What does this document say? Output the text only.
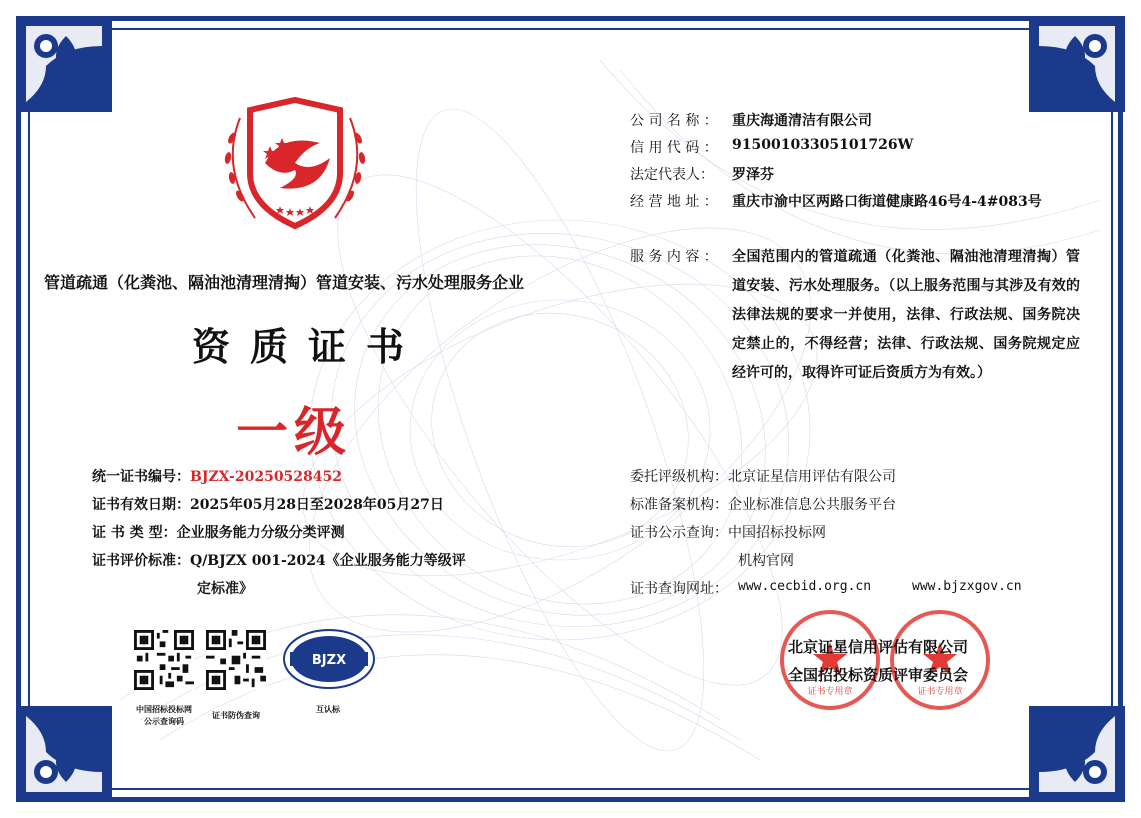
管道疏通（化粪池、隔油池清理清掏）管道安装、污水处理服务企业
资质证书
一级
统一证书编号：BJZX-20250528452
证书有效日期：2025年05月28日至2028年05月27日
证 书 类 型：企业服务能力分级分类评测
证书评价标准：Q/BJZX 001-2024《企业服务能力等级评
定标准》
公 司 名 称 ： 重庆海通清洁有限公司
信 用 代 码 ： 91500103305101726W
法定代表人： 罗泽芬
经 营 地 址 ： 重庆市渝中区两路口街道健康路46号4-4#083号
服 务 内 容 ： 全国范围内的管道疏通（化粪池、隔油池清理清掏）管道安装、污水处理服务。（以上服务范围与其涉及有效的法律法规的要求一并使用，法律、行政法规、国务院决定禁止的，不得经营；法律、行政法规、国务院规定应经许可的，取得许可证后资质方为有效。）
委托评级机构：北京证星信用评估有限公司
标准备案机构：企业标准信息公共服务平台
证书公示查询：中国招标投标网
机构官网
证书查询网址： www.cecbid.org.cn	www.bjzxgov.cn
BJZX
中国招标投标网
公示查询码
证书防伪查询
互认标
证书专用章	证书专用章
北京证星信用评估有限公司
全国招投标资质评审委员会
